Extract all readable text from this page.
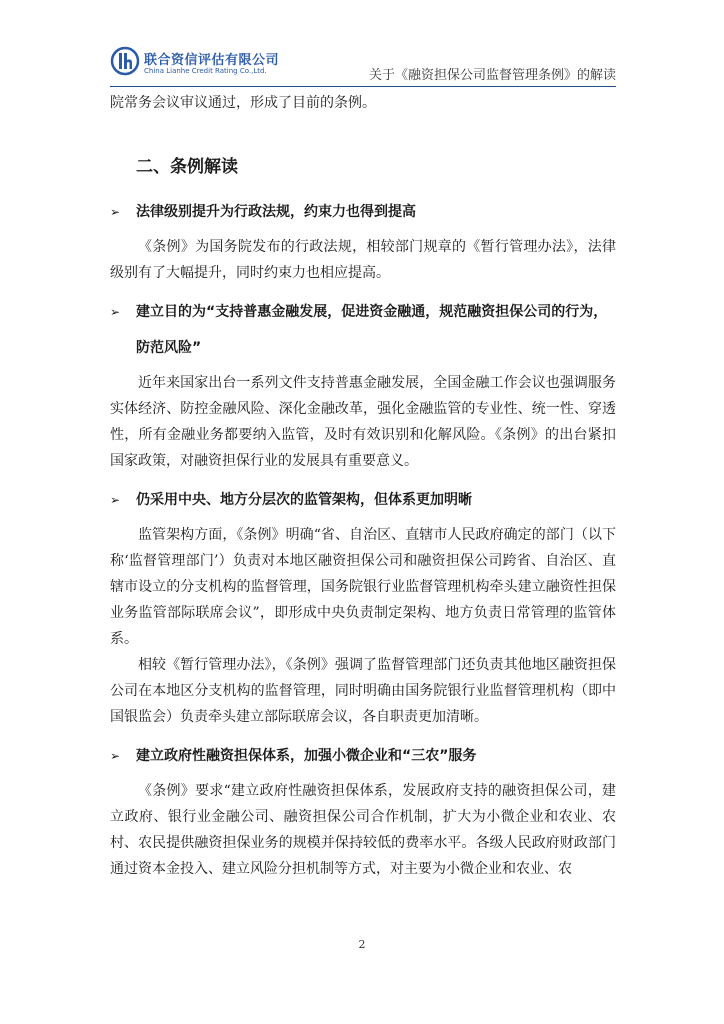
联合资信评估有限公司
China Lianhe Credit Rating Co.,Ltd.	关于《融资担保公司监督管理条例》的解读

院常务会议审议通过，形成了目前的条例。

二、条例解读
➢ 法律级别提升为行政法规，约束力也得到提高

《条例》为国务院发布的行政法规，相较部门规章的《暂行管理办法》，法律级别有了大幅提升，同时约束力也相应提高。

➢ 建立目的为“支持普惠金融发展，促进资金融通，规范融资担保公司的行为，防范风险”

近年来国家出台一系列文件支持普惠金融发展，全国金融工作会议也强调服务实体经济、防控金融风险、深化金融改革，强化金融监管的专业性、统一性、穿透性，所有金融业务都要纳入监管，及时有效识别和化解风险。《条例》的出台紧扣国家政策，对融资担保行业的发展具有重要意义。

➢ 仍采用中央、地方分层次的监管架构，但体系更加明晰

监管架构方面，《条例》明确“省、自治区、直辖市人民政府确定的部门（以下称‘监督管理部门’）负责对本地区融资担保公司和融资担保公司跨省、自治区、直辖市设立的分支机构的监督管理，国务院银行业监督管理机构牵头建立融资性担保业务监管部际联席会议”，即形成中央负责制定架构、地方负责日常管理的监管体系。

相较《暂行管理办法》，《条例》强调了监督管理部门还负责其他地区融资担保公司在本地区分支机构的监督管理，同时明确由国务院银行业监督管理机构（即中国银监会）负责牵头建立部际联席会议，各自职责更加清晰。

➢ 建立政府性融资担保体系，加强小微企业和“三农”服务

《条例》要求“建立政府性融资担保体系，发展政府支持的融资担保公司，建立政府、银行业金融公司、融资担保公司合作机制，扩大为小微企业和农业、农村、农民提供融资担保业务的规模并保持较低的费率水平。各级人民政府财政部门通过资本金投入、建立风险分担机制等方式，对主要为小微企业和农业、农

2
